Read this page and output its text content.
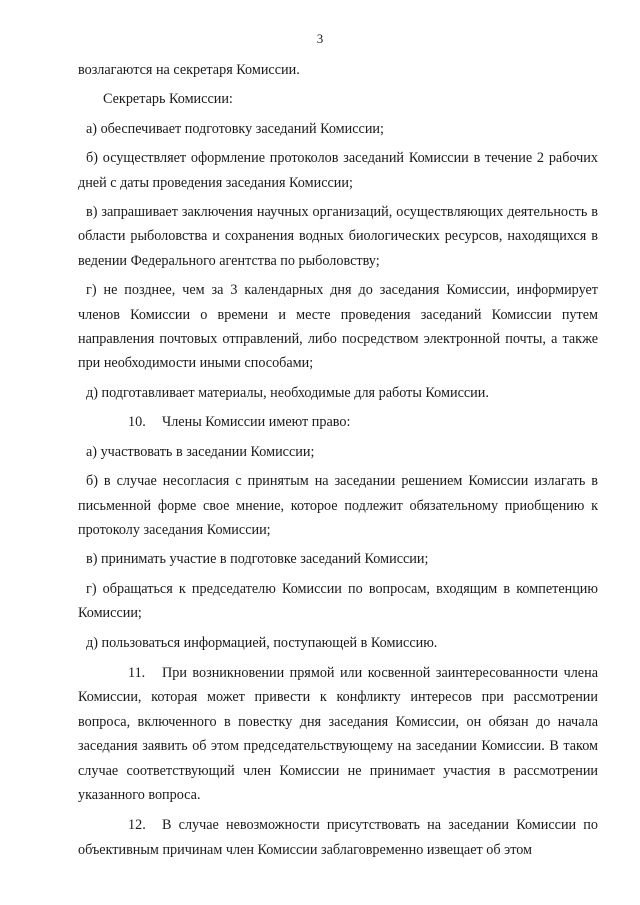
3

возлагаются на секретаря Комиссии.

Секретарь Комиссии:

а) обеспечивает подготовку заседаний Комиссии;

б) осуществляет оформление протоколов заседаний Комиссии в течение 2 рабочих дней с даты проведения заседания Комиссии;

в) запрашивает заключения научных организаций, осуществляющих деятельность в области рыболовства и сохранения водных биологических ресурсов, находящихся в ведении Федерального агентства по рыболовству;

г) не позднее, чем за 3 календарных дня до заседания Комиссии, информирует членов Комиссии о времени и месте проведения заседаний Комиссии путем направления почтовых отправлений, либо посредством электронной почты, а также при необходимости иными способами;

д) подготавливает материалы, необходимые для работы Комиссии.

10. Члены Комиссии имеют право:

а) участвовать в заседании Комиссии;

б) в случае несогласия с принятым на заседании решением Комиссии излагать в письменной форме свое мнение, которое подлежит обязательному приобщению к протоколу заседания Комиссии;

в) принимать участие в подготовке заседаний Комиссии;

г) обращаться к председателю Комиссии по вопросам, входящим в компетенцию Комиссии;

д) пользоваться информацией, поступающей в Комиссию.

11. При возникновении прямой или косвенной заинтересованности члена Комиссии, которая может привести к конфликту интересов при рассмотрении вопроса, включенного в повестку дня заседания Комиссии, он обязан до начала заседания заявить об этом председательствующему на заседании Комиссии. В таком случае соответствующий член Комиссии не принимает участия в рассмотрении указанного вопроса.

12. В случае невозможности присутствовать на заседании Комиссии по объективным причинам член Комиссии заблаговременно извещает об этом
